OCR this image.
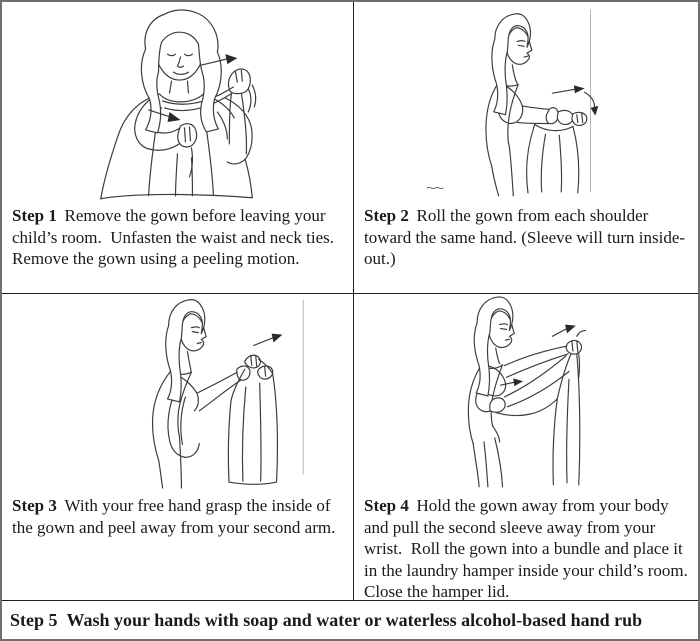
Step 1 Remove the gown before leaving your child’s room.  Unfasten the waist and neck ties.  Remove the gown using a peeling motion.

Step 2 Roll the gown from each shoulder toward the same hand. (Sleeve will turn inside-out.)

Step 3 With your free hand grasp the inside of the gown and peel away from your second arm.

Step 4 Hold the gown away from your body and pull the second sleeve away from your wrist.  Roll the gown into a bundle and place it in the laundry hamper inside your child’s room.  Close the hamper lid.

Step 5 Wash your hands with soap and water or waterless alcohol-based hand rub
